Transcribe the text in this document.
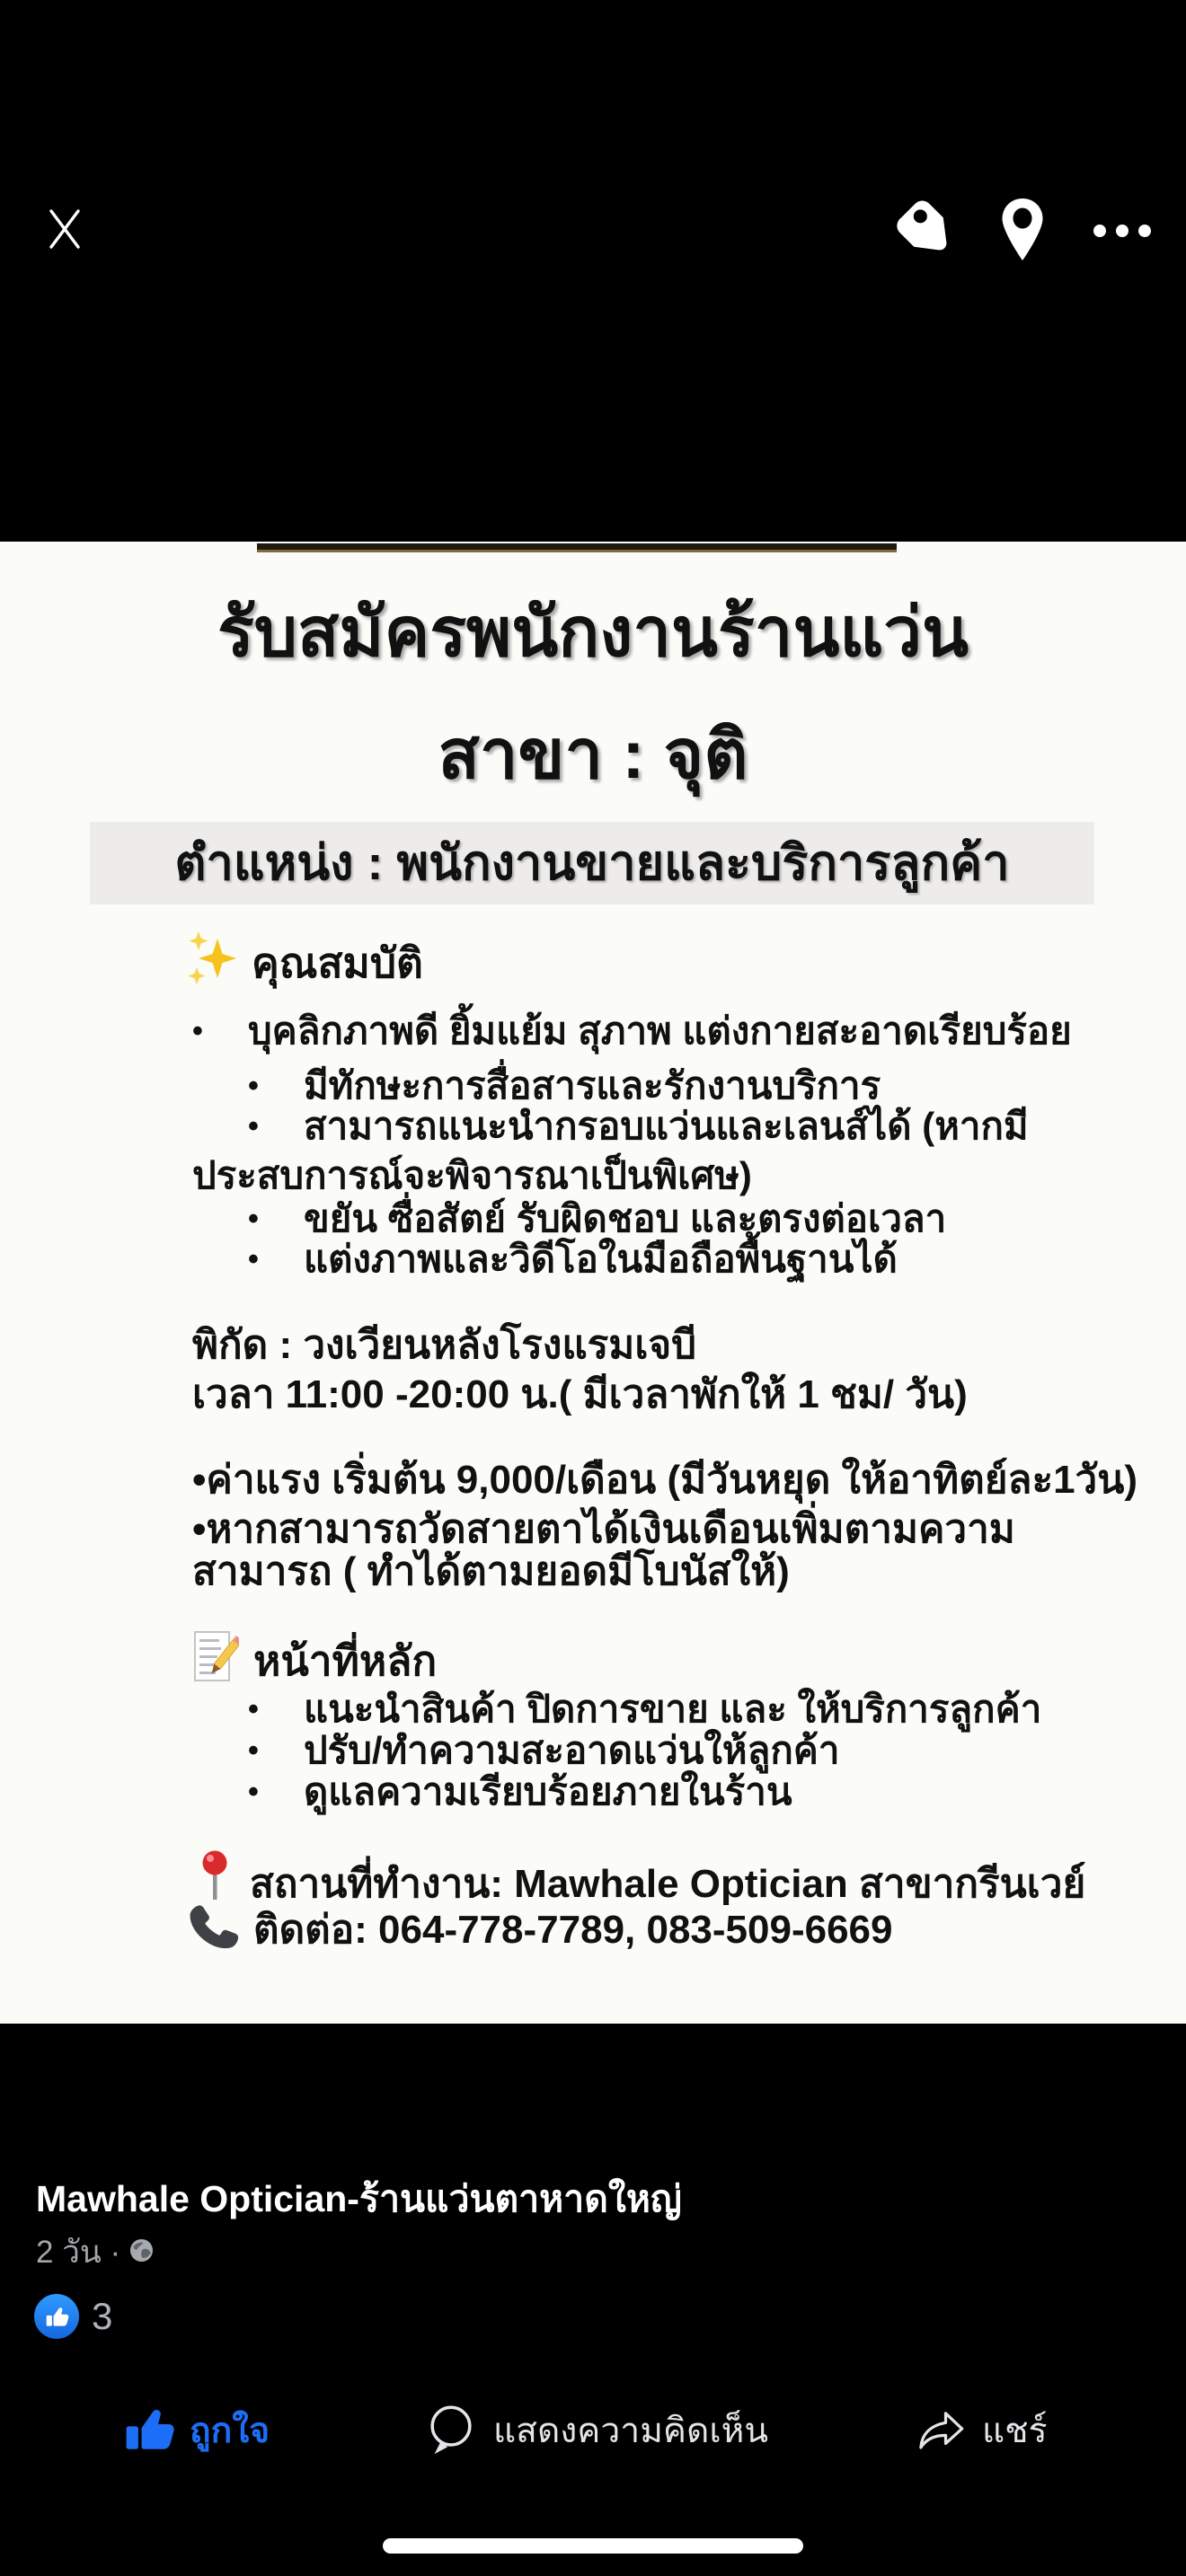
รับสมัครพนักงานร้านแว่น
สาขา : จุติ
ตำแหน่ง : พนักงานขายและบริการลูกค้า
คุณสมบัติ
•	บุคลิกภาพดี ยิ้มแย้ม สุภาพ แต่งกายสะอาดเรียบร้อย
•	มีทักษะการสื่อสารและรักงานบริการ
•	สามารถแนะนำกรอบแว่นและเลนส์ได้ (หากมี
ประสบการณ์จะพิจารณาเป็นพิเศษ)
•	ขยัน ซื่อสัตย์ รับผิดชอบ และตรงต่อเวลา
•	แต่งภาพและวิดีโอในมือถือพื้นฐานได้
พิกัด : วงเวียนหลังโรงแรมเจบี
เวลา 11:00 -20:00 น.( มีเวลาพักให้ 1 ชม/ วัน)
•ค่าแรง เริ่มต้น 9,000/เดือน (มีวันหยุด ให้อาทิตย์ละ1วัน)
•หากสามารถวัดสายตาได้เงินเดือนเพิ่มตามความ
สามารถ ( ทำได้ตามยอดมีโบนัสให้)
หน้าที่หลัก
•	แนะนำสินค้า ปิดการขาย และ ให้บริการลูกค้า
•	ปรับ/ทำความสะอาดแว่นให้ลูกค้า
•	ดูแลความเรียบร้อยภายในร้าน
สถานที่ทำงาน: Mawhale Optician สาขากรีนเวย์
ติดต่อ: 064-778-7789, 083-509-6669
Mawhale Optician-ร้านแว่นตาหาดใหญ่
2 วัน ·
3
ถูกใจ	แสดงความคิดเห็น	แชร์
